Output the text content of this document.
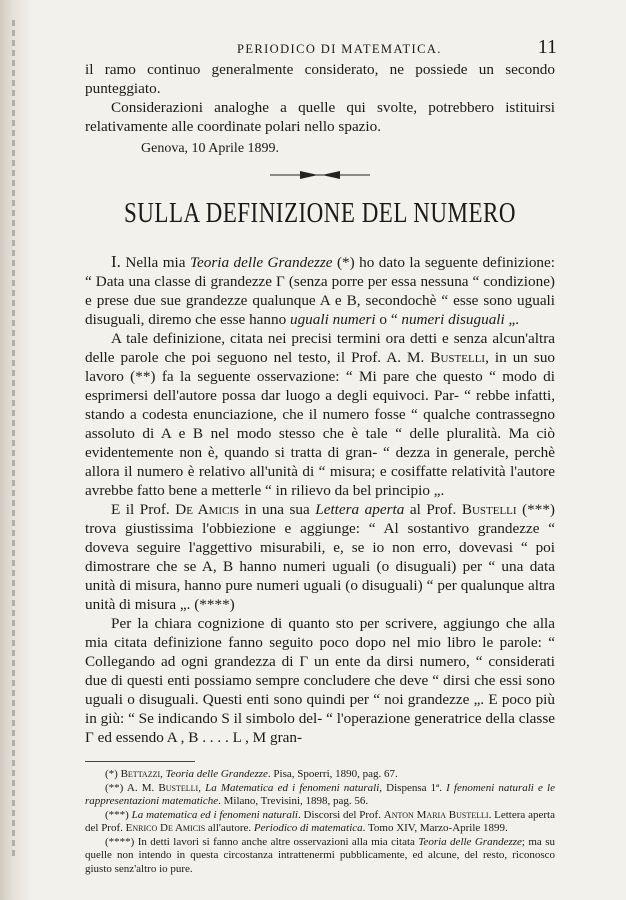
PERIODICO DI MATEMATICA.	11

il ramo continuo generalmente considerato, ne possiede un secondo punteggiato.

Considerazioni analoghe a quelle qui svolte, potrebbero istituirsi relativamente alle coordinate polari nello spazio.

Genova, 10 Aprile 1899.
SULLA DEFINIZIONE DEL NUMERO

I. Nella mia Teoria delle Grandezze (*) ho dato la seguente definizione: “ Data una classe di grandezze Γ (senza porre per essa nessuna “ condizione) e prese due sue grandezze qualunque A e B, secondochè “ esse sono uguali disuguali, diremo che esse hanno uguali numeri o “ numeri disuguali „.

A tale definizione, citata nei precisi termini ora detti e senza alcun'altra delle parole che poi seguono nel testo, il Prof. A. M. Bustelli, in un suo lavoro (**) fa la seguente osservazione: “ Mi pare che questo “ modo di esprimersi dell'autore possa dar luogo a degli equivoci. Par- “ rebbe infatti, stando a codesta enunciazione, che il numero fosse “ qualche contrassegno assoluto di A e B nel modo stesso che è tale “ delle pluralità. Ma ciò evidentemente non è, quando si tratta di gran- “ dezza in generale, perchè allora il numero è relativo all'unità di “ misura; e cosiffatte relatività l'autore avrebbe fatto bene a metterle “ in rilievo da bel principio „.

E il Prof. De Amicis in una sua Lettera aperta al Prof. Bustelli (***) trova giustissima l'obbiezione e aggiunge: “ Al sostantivo grandezze “ doveva seguire l'aggettivo misurabili, e, se io non erro, dovevasi “ poi dimostrare che se A, B hanno numeri uguali (o disuguali) per “ una data unità di misura, hanno pure numeri uguali (o disuguali) “ per qualunque altra unità di misura „. (****)

Per la chiara cognizione di quanto sto per scrivere, aggiungo che alla mia citata definizione fanno seguito poco dopo nel mio libro le parole: “ Collegando ad ogni grandezza di Γ un ente da dirsi numero, “ considerati due di questi enti possiamo sempre concludere che deve “ dirsi che essi sono uguali o disuguali. Questi enti sono quindi per “ noi grandezze „. E poco più in giù: “ Se indicando S il simbolo del- “ l'operazione generatrice della classe Γ ed essendo A , B . . . . L , M gran-

(*) Bettazzi, Teoria delle Grandezze. Pisa, Spoerri, 1890, pag. 67.

(**) A. M. Bustelli, La Matematica ed i fenomeni naturali, Dispensa 1ª. I fenomeni naturali e le rappresentazioni matematiche. Milano, Trevisini, 1898, pag. 56.

(***) La matematica ed i fenomeni naturali. Discorsi del Prof. Anton Maria Bustelli. Lettera aperta del Prof. Enrico De Amicis all'autore. Periodico di matematica. Tomo XIV, Marzo-Aprile 1899.

(****) In detti lavori si fanno anche altre osservazioni alla mia citata Teoria delle Grandezze; ma su quelle non intendo in questa circostanza intrattenermi pubblicamente, ed alcune, del resto, riconosco giusto senz'altro io pure.
